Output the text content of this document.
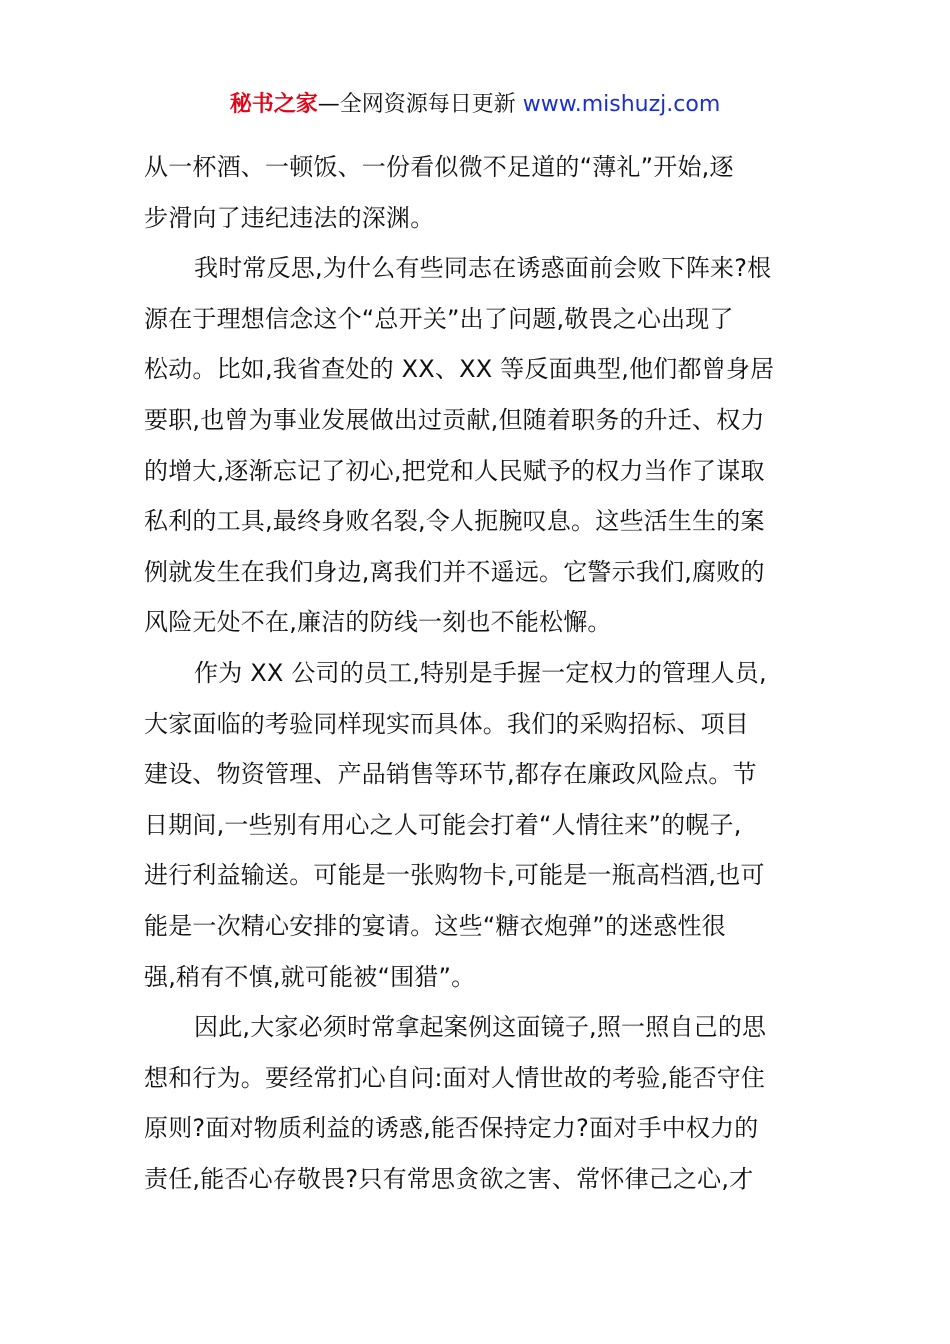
秘书之家—全网资源每日更新 www.mishuzj.com

从一杯酒、一顿饭、一份看似微不足道的“薄礼”开始,逐
步滑向了违纪违法的深渊。

我时常反思,为什么有些同志在诱惑面前会败下阵来?根
源在于理想信念这个“总开关”出了问题,敬畏之心出现了
松动。比如,我省查处的 XX、XX 等反面典型,他们都曾身居
要职,也曾为事业发展做出过贡献,但随着职务的升迁、权力
的增大,逐渐忘记了初心,把党和人民赋予的权力当作了谋取
私利的工具,最终身败名裂,令人扼腕叹息。这些活生生的案
例就发生在我们身边,离我们并不遥远。它警示我们,腐败的
风险无处不在,廉洁的防线一刻也不能松懈。

作为 XX 公司的员工,特别是手握一定权力的管理人员,
大家面临的考验同样现实而具体。我们的采购招标、项目
建设、物资管理、产品销售等环节,都存在廉政风险点。节
日期间,一些别有用心之人可能会打着“人情往来”的幌子,
进行利益输送。可能是一张购物卡,可能是一瓶高档酒,也可
能是一次精心安排的宴请。这些“糖衣炮弹”的迷惑性很
强,稍有不慎,就可能被“围猎”。

因此,大家必须时常拿起案例这面镜子,照一照自己的思
想和行为。要经常扪心自问:面对人情世故的考验,能否守住
原则?面对物质利益的诱惑,能否保持定力?面对手中权力的
责任,能否心存敬畏?只有常思贪欲之害、常怀律己之心,才
